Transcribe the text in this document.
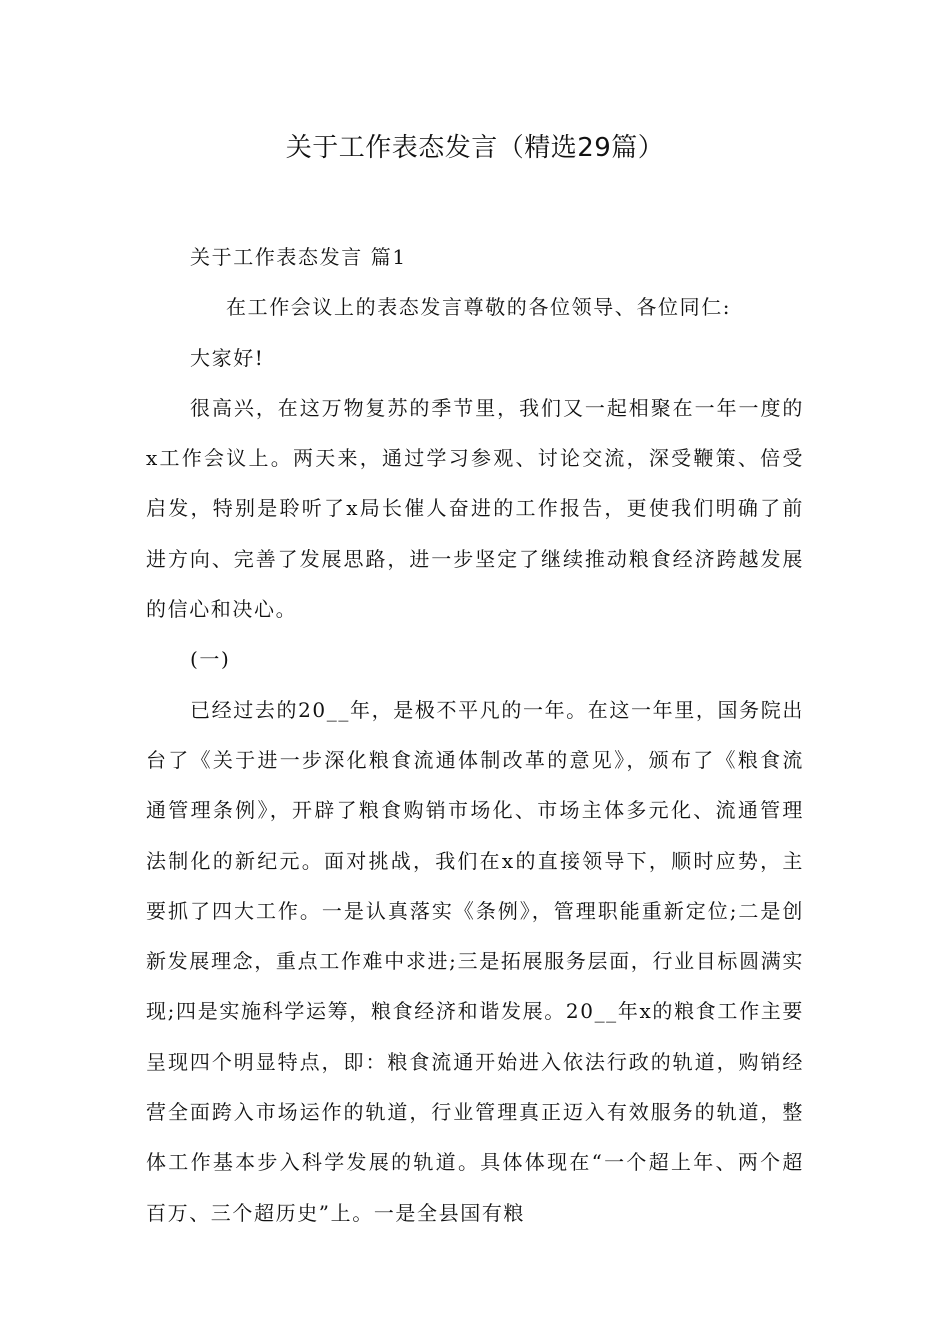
关于工作表态发言（精选29篇）

关于工作表态发言 篇1

在工作会议上的表态发言尊敬的各位领导、各位同仁:

大家好!

很高兴，在这万物复苏的季节里，我们又一起相聚在一年一度的x工作会议上。两天来，通过学习参观、讨论交流，深受鞭策、倍受启发，特别是聆听了x局长催人奋进的工作报告，更使我们明确了前进方向、完善了发展思路，进一步坚定了继续推动粮食经济跨越发展的信心和决心。

(一)

已经过去的20__年，是极不平凡的一年。在这一年里，国务院出台了《关于进一步深化粮食流通体制改革的意见》，颁布了《粮食流通管理条例》，开辟了粮食购销市场化、市场主体多元化、流通管理法制化的新纪元。面对挑战，我们在x的直接领导下，顺时应势，主要抓了四大工作。一是认真落实《条例》，管理职能重新定位;二是创新发展理念，重点工作难中求进;三是拓展服务层面，行业目标圆满实现;四是实施科学运筹，粮食经济和谐发展。20__年x的粮食工作主要呈现四个明显特点，即：粮食流通开始进入依法行政的轨道，购销经营全面跨入市场运作的轨道，行业管理真正迈入有效服务的轨道，整体工作基本步入科学发展的轨道。具体体现在“一个超上年、两个超百万、三个超历史”上。一是全县国有粮
